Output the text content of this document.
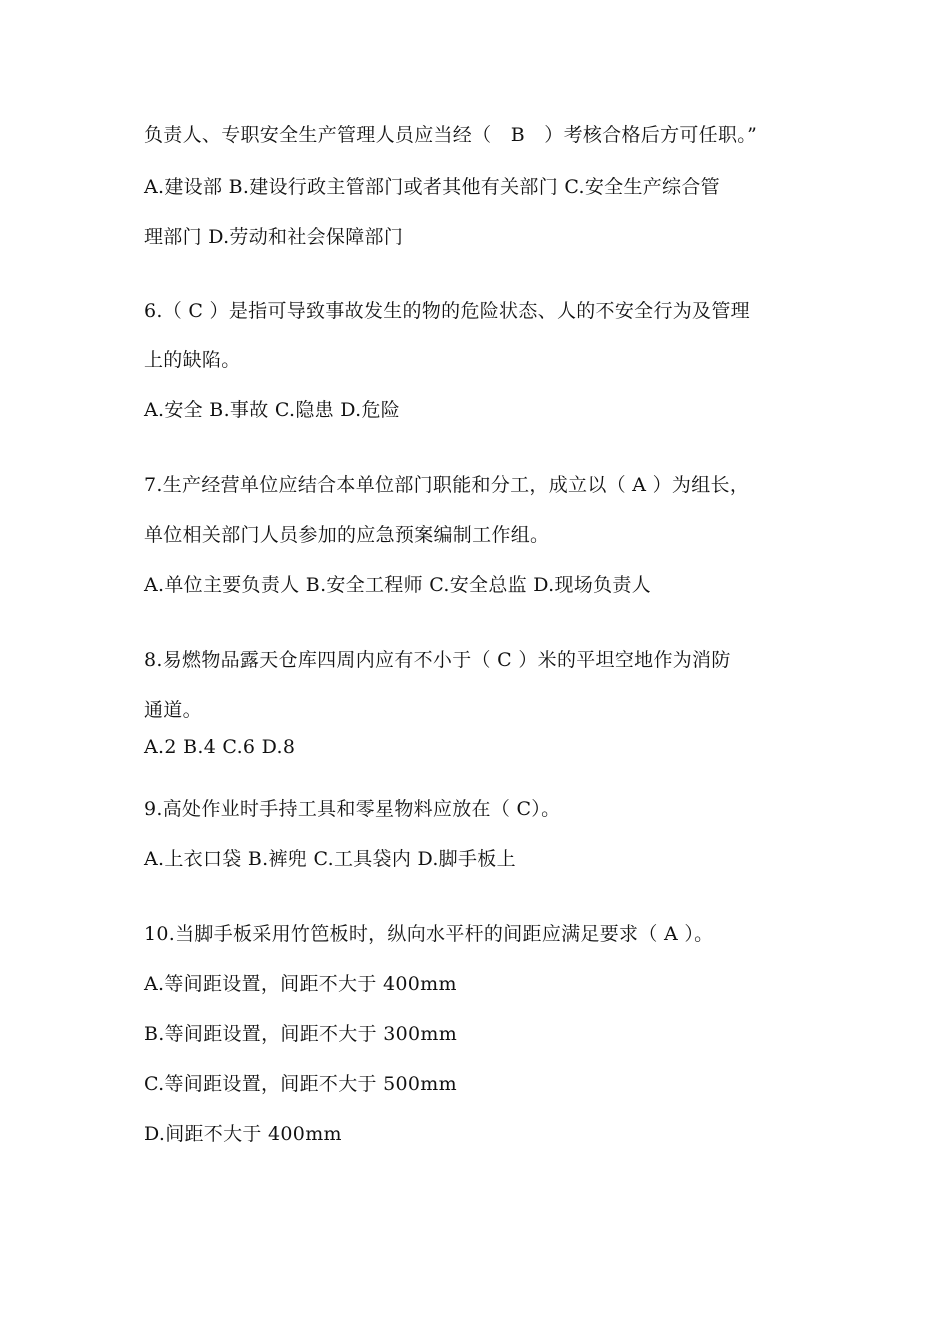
负责人、专职安全生产管理人员应当经（　B　）考核合格后方可任职。”
A.建设部 B.建设行政主管部门或者其他有关部门 C.安全生产综合管
理部门 D.劳动和社会保障部门
6.（ C ）是指可导致事故发生的物的危险状态、人的不安全行为及管理
上的缺陷。
A.安全 B.事故 C.隐患 D.危险
7.生产经营单位应结合本单位部门职能和分工，成立以（ A ）为组长，
单位相关部门人员参加的应急预案编制工作组。
A.单位主要负责人 B.安全工程师 C.安全总监 D.现场负责人
8.易燃物品露天仓库四周内应有不小于（ C ）米的平坦空地作为消防
通道。
A.2 B.4 C.6 D.8
9.高处作业时手持工具和零星物料应放在（ C）。
A.上衣口袋 B.裤兜 C.工具袋内 D.脚手板上
10.当脚手板采用竹笆板时，纵向水平杆的间距应满足要求（ A ）。
A.等间距设置，间距不大于 400mm
B.等间距设置，间距不大于 300mm
C.等间距设置，间距不大于 500mm
D.间距不大于 400mm
